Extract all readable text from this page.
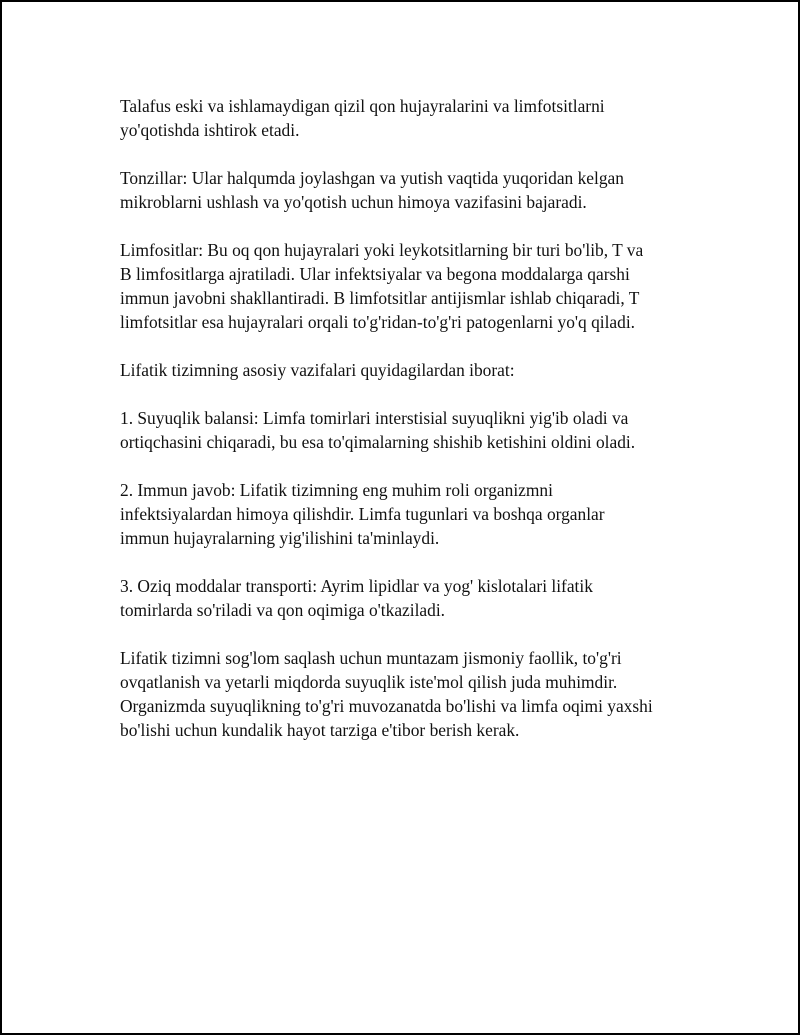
Talafus eski va ishlamaydigan qizil qon hujayralarini va limfotsitlarni
yo'qotishda ishtirok etadi.

Tonzillar: Ular halqumda joylashgan va yutish vaqtida yuqoridan kelgan
mikroblarni ushlash va yo'qotish uchun himoya vazifasini bajaradi.

Limfositlar: Bu oq qon hujayralari yoki leykotsitlarning bir turi bo'lib, T va
B limfositlarga ajratiladi. Ular infektsiyalar va begona moddalarga qarshi
immun javobni shakllantiradi. B limfotsitlar antijismlar ishlab chiqaradi, T
limfotsitlar esa hujayralari orqali to'g'ridan-to'g'ri patogenlarni yo'q qiladi.

Lifatik tizimning asosiy vazifalari quyidagilardan iborat:

1. Suyuqlik balansi: Limfa tomirlari interstisial suyuqlikni yig'ib oladi va
ortiqchasini chiqaradi, bu esa to'qimalarning shishib ketishini oldini oladi.

2. Immun javob: Lifatik tizimning eng muhim roli organizmni
infektsiyalardan himoya qilishdir. Limfa tugunlari va boshqa organlar
immun hujayralarning yig'ilishini ta'minlaydi.

3. Oziq moddalar transporti: Ayrim lipidlar va yog' kislotalari lifatik
tomirlarda so'riladi va qon oqimiga o'tkaziladi.

Lifatik tizimni sog'lom saqlash uchun muntazam jismoniy faollik, to'g'ri
ovqatlanish va yetarli miqdorda suyuqlik iste'mol qilish juda muhimdir.
Organizmda suyuqlikning to'g'ri muvozanatda bo'lishi va limfa oqimi yaxshi
bo'lishi uchun kundalik hayot tarziga e'tibor berish kerak.
